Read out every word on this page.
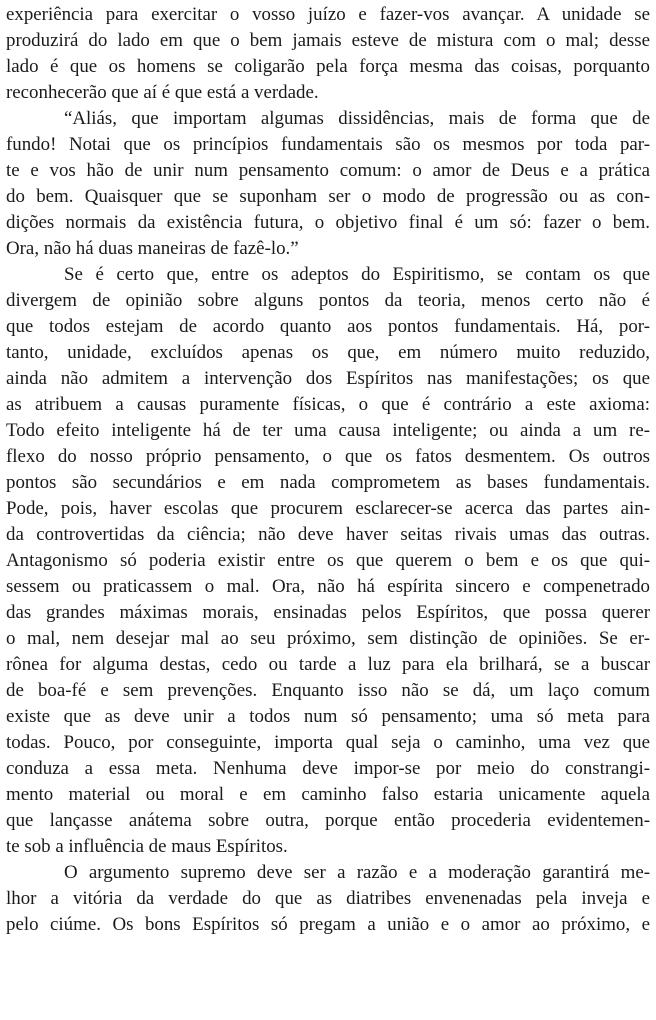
experiência para exercitar o vosso juízo e fazer-vos avançar. A unidade se
produzirá do lado em que o bem jamais esteve de mistura com o mal; desse
lado é que os homens se coligarão pela força mesma das coisas, porquanto
reconhecerão que aí é que está a verdade.
“Aliás, que importam algumas dissidências, mais de forma que de
fundo! Notai que os princípios fundamentais são os mesmos por toda par-
te e vos hão de unir num pensamento comum: o amor de Deus e a prática
do bem. Quaisquer que se suponham ser o modo de progressão ou as con-
dições normais da existência futura, o objetivo final é um só: fazer o bem.
Ora, não há duas maneiras de fazê-lo.”
Se é certo que, entre os adeptos do Espiritismo, se contam os que
divergem de opinião sobre alguns pontos da teoria, menos certo não é
que todos estejam de acordo quanto aos pontos fundamentais. Há, por-
tanto, unidade, excluídos apenas os que, em número muito reduzido,
ainda não admitem a intervenção dos Espíritos nas manifestações; os que
as atribuem a causas puramente físicas, o que é contrário a este axioma:
Todo efeito inteligente há de ter uma causa inteligente; ou ainda a um re-
flexo do nosso próprio pensamento, o que os fatos desmentem. Os outros
pontos são secundários e em nada comprometem as bases fundamentais.
Pode, pois, haver escolas que procurem esclarecer-se acerca das partes ain-
da controvertidas da ciência; não deve haver seitas rivais umas das outras.
Antagonismo só poderia existir entre os que querem o bem e os que qui-
sessem ou praticassem o mal. Ora, não há espírita sincero e compenetrado
das grandes máximas morais, ensinadas pelos Espíritos, que possa querer
o mal, nem desejar mal ao seu próximo, sem distinção de opiniões. Se er-
rônea for alguma destas, cedo ou tarde a luz para ela brilhará, se a buscar
de boa-fé e sem prevenções. Enquanto isso não se dá, um laço comum
existe que as deve unir a todos num só pensamento; uma só meta para
todas. Pouco, por conseguinte, importa qual seja o caminho, uma vez que
conduza a essa meta. Nenhuma deve impor-se por meio do constrangi-
mento material ou moral e em caminho falso estaria unicamente aquela
que lançasse anátema sobre outra, porque então procederia evidentemen-
te sob a influência de maus Espíritos.
O argumento supremo deve ser a razão e a moderação garantirá me-
lhor a vitória da verdade do que as diatribes envenenadas pela inveja e
pelo ciúme. Os bons Espíritos só pregam a união e o amor ao próximo, e
